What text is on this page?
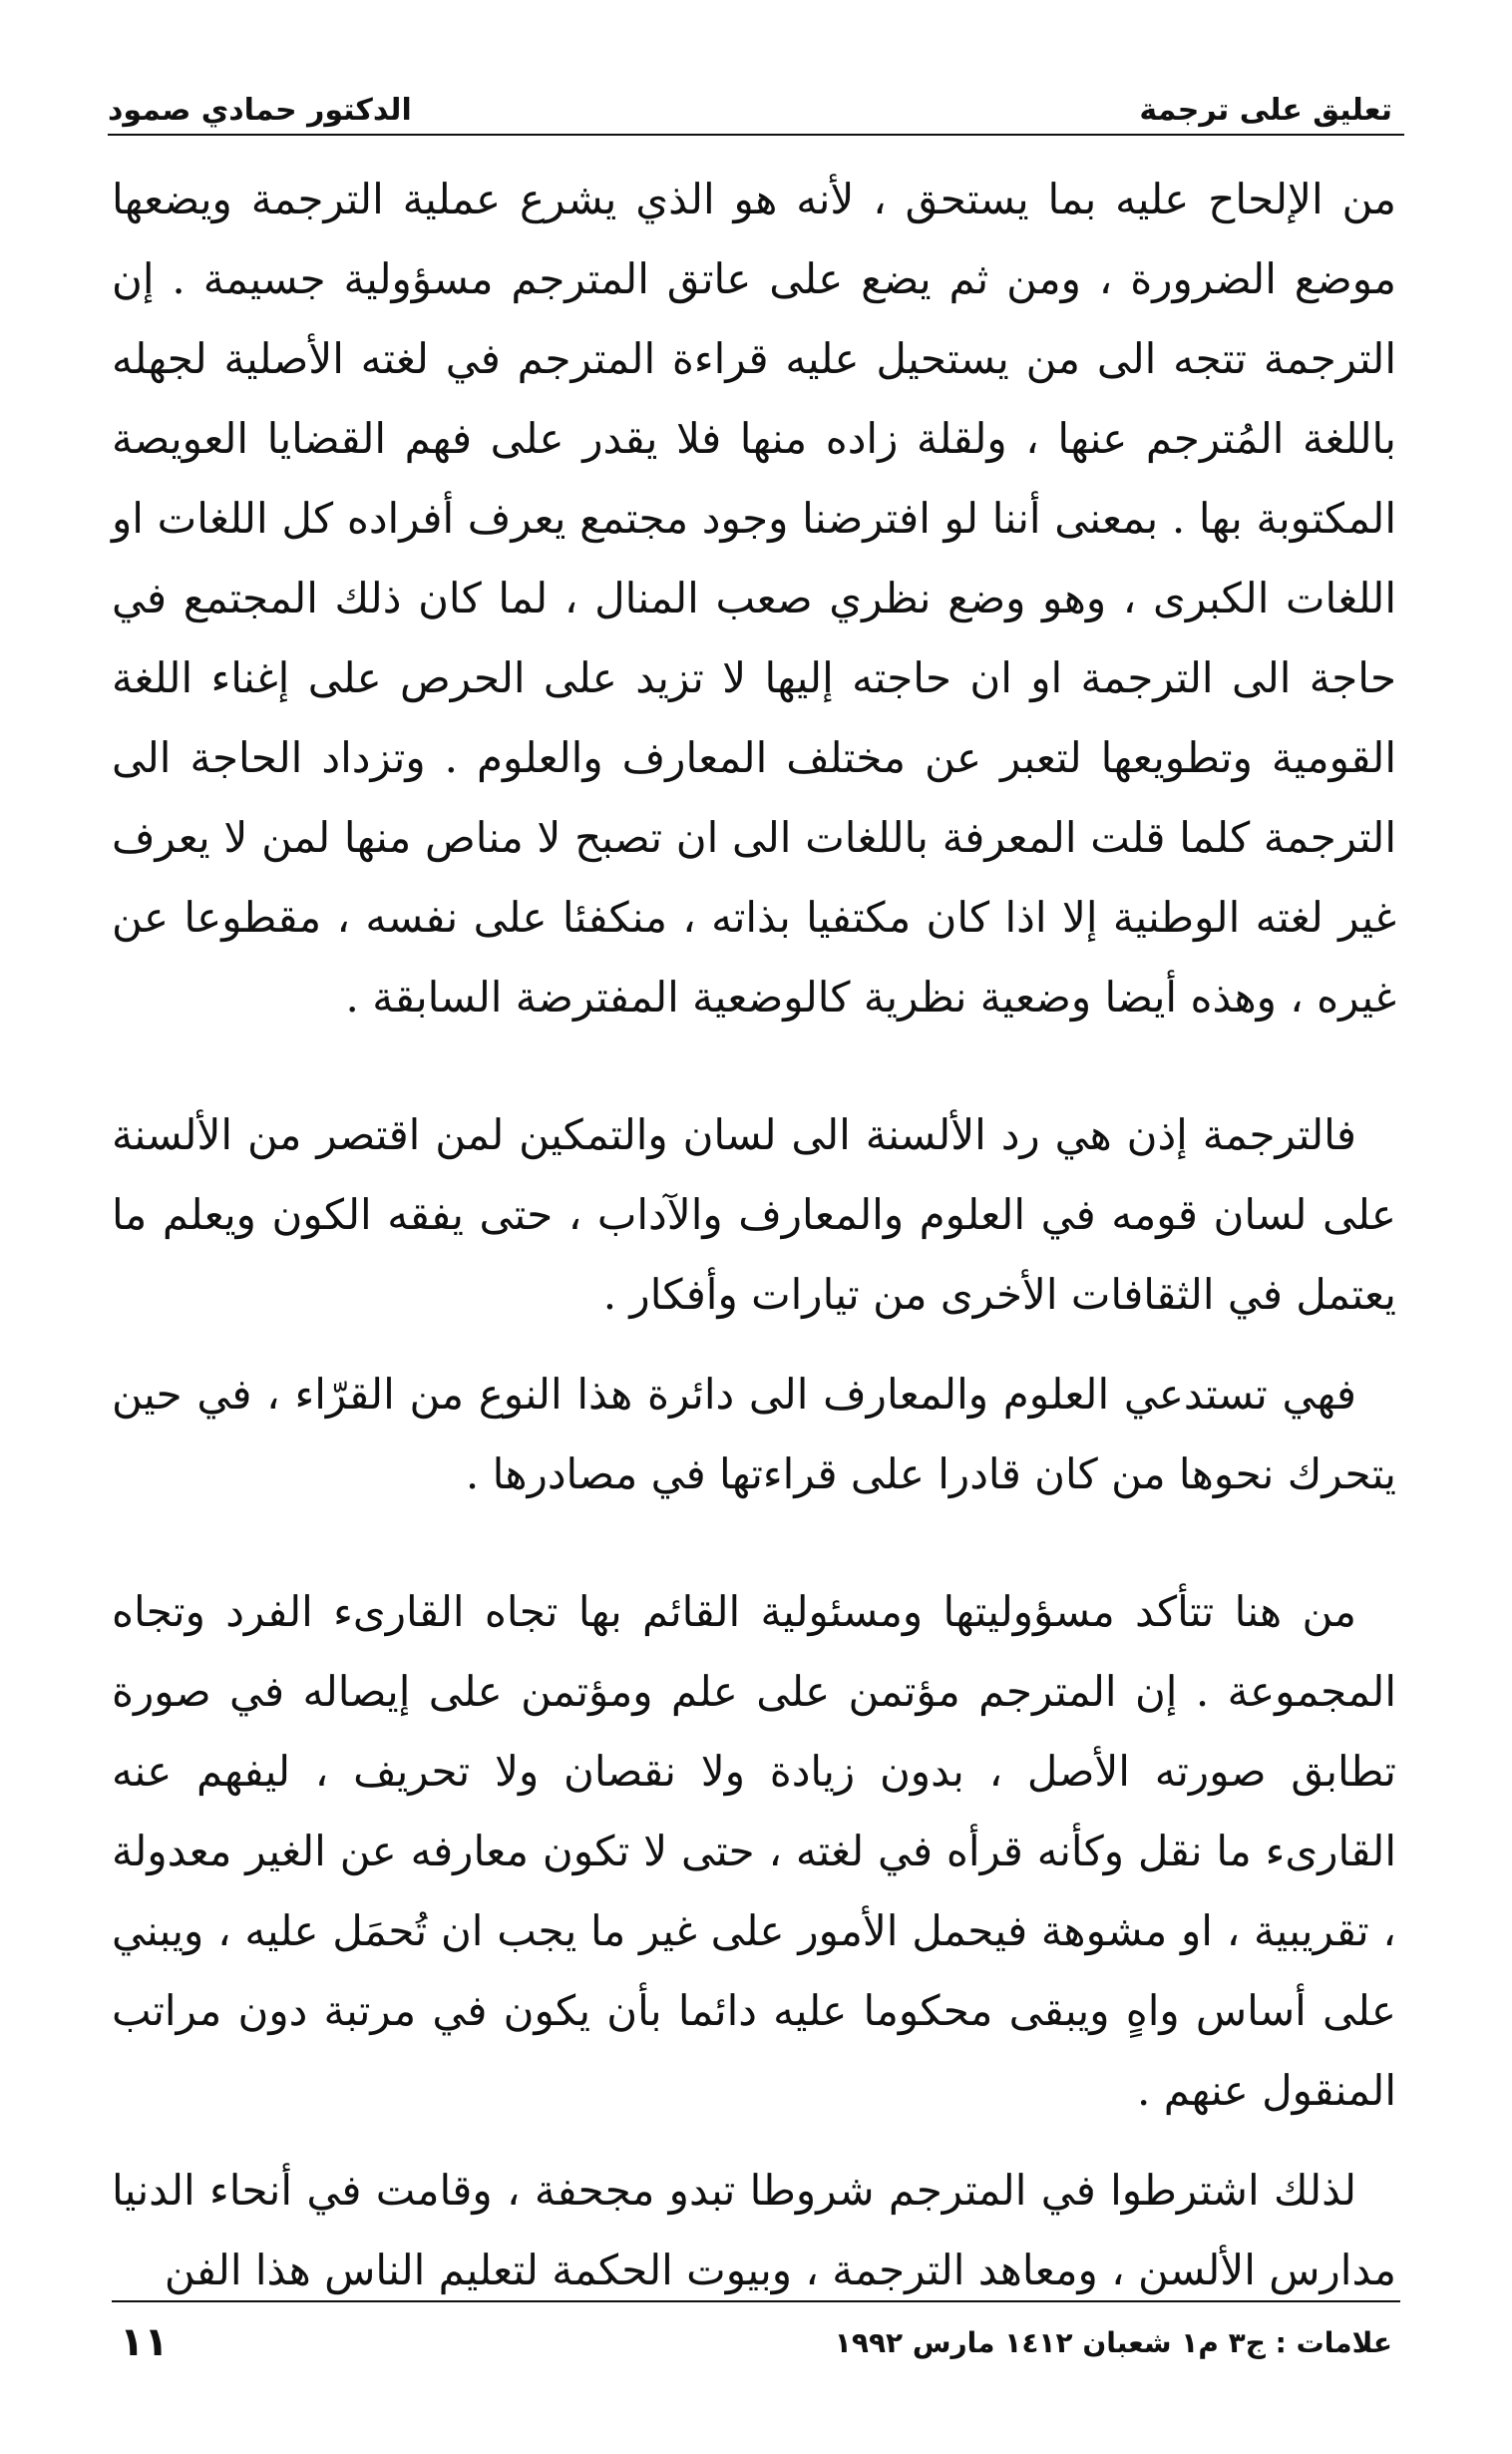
تعليق على ترجمة
الدكتور حمادي صمود

من الإلحاح عليه بما يستحق ، لأنه هو الذي يشرع عملية الترجمة ويضعها موضع الضرورة ، ومن ثم يضع على عاتق المترجم مسؤولية جسيمة . إن الترجمة تتجه الى من يستحيل عليه قراءة المترجم في لغته الأصلية لجهله باللغة المُترجم عنها ، ولقلة زاده منها فلا يقدر على فهم القضايا العويصة المكتوبة بها . بمعنى أننا لو افترضنا وجود مجتمع يعرف أفراده كل اللغات او اللغات الكبرى ، وهو وضع نظري صعب المنال ، لما كان ذلك المجتمع في حاجة الى الترجمة او ان حاجته إليها لا تزيد على الحرص على إغناء اللغة القومية وتطويعها لتعبر عن مختلف المعارف والعلوم . وتزداد الحاجة الى الترجمة كلما قلت المعرفة باللغات الى ان تصبح لا مناص منها لمن لا يعرف غير لغته الوطنية إلا اذا كان مكتفيا بذاته ، منكفئا على نفسه ، مقطوعا عن غيره ، وهذه أيضا وضعية نظرية كالوضعية المفترضة السابقة .

فالترجمة إذن هي رد الألسنة الى لسان والتمكين لمن اقتصر من الألسنة على لسان قومه في العلوم والمعارف والآداب ، حتى يفقه الكون ويعلم ما يعتمل في الثقافات الأخرى من تيارات وأفكار .

فهي تستدعي العلوم والمعارف الى دائرة هذا النوع من القرّاء ، في حين يتحرك نحوها من كان قادرا على قراءتها في مصادرها .

من هنا تتأكد مسؤوليتها ومسئولية القائم بها تجاه القارىء الفرد وتجاه المجموعة . إن المترجم مؤتمن على علم ومؤتمن على إيصاله في صورة تطابق صورته الأصل ، بدون زيادة ولا نقصان ولا تحريف ، ليفهم عنه القارىء ما نقل وكأنه قرأه في لغته ، حتى لا تكون معارفه عن الغير معدولة ، تقريبية ، او مشوهة فيحمل الأمور على غير ما يجب ان تُحمَل عليه ، ويبني على أساس واهٍ ويبقى محكوما عليه دائما بأن يكون في مرتبة دون مراتب المنقول عنهم .

لذلك اشترطوا في المترجم شروطا تبدو مجحفة ، وقامت في أنحاء الدنيا مدارس الألسن ، ومعاهد الترجمة ، وبيوت الحكمة لتعليم الناس هذا الفن

علامات : ج٣ م١ شعبان ١٤١٢ مارس ١٩٩٢
١١
